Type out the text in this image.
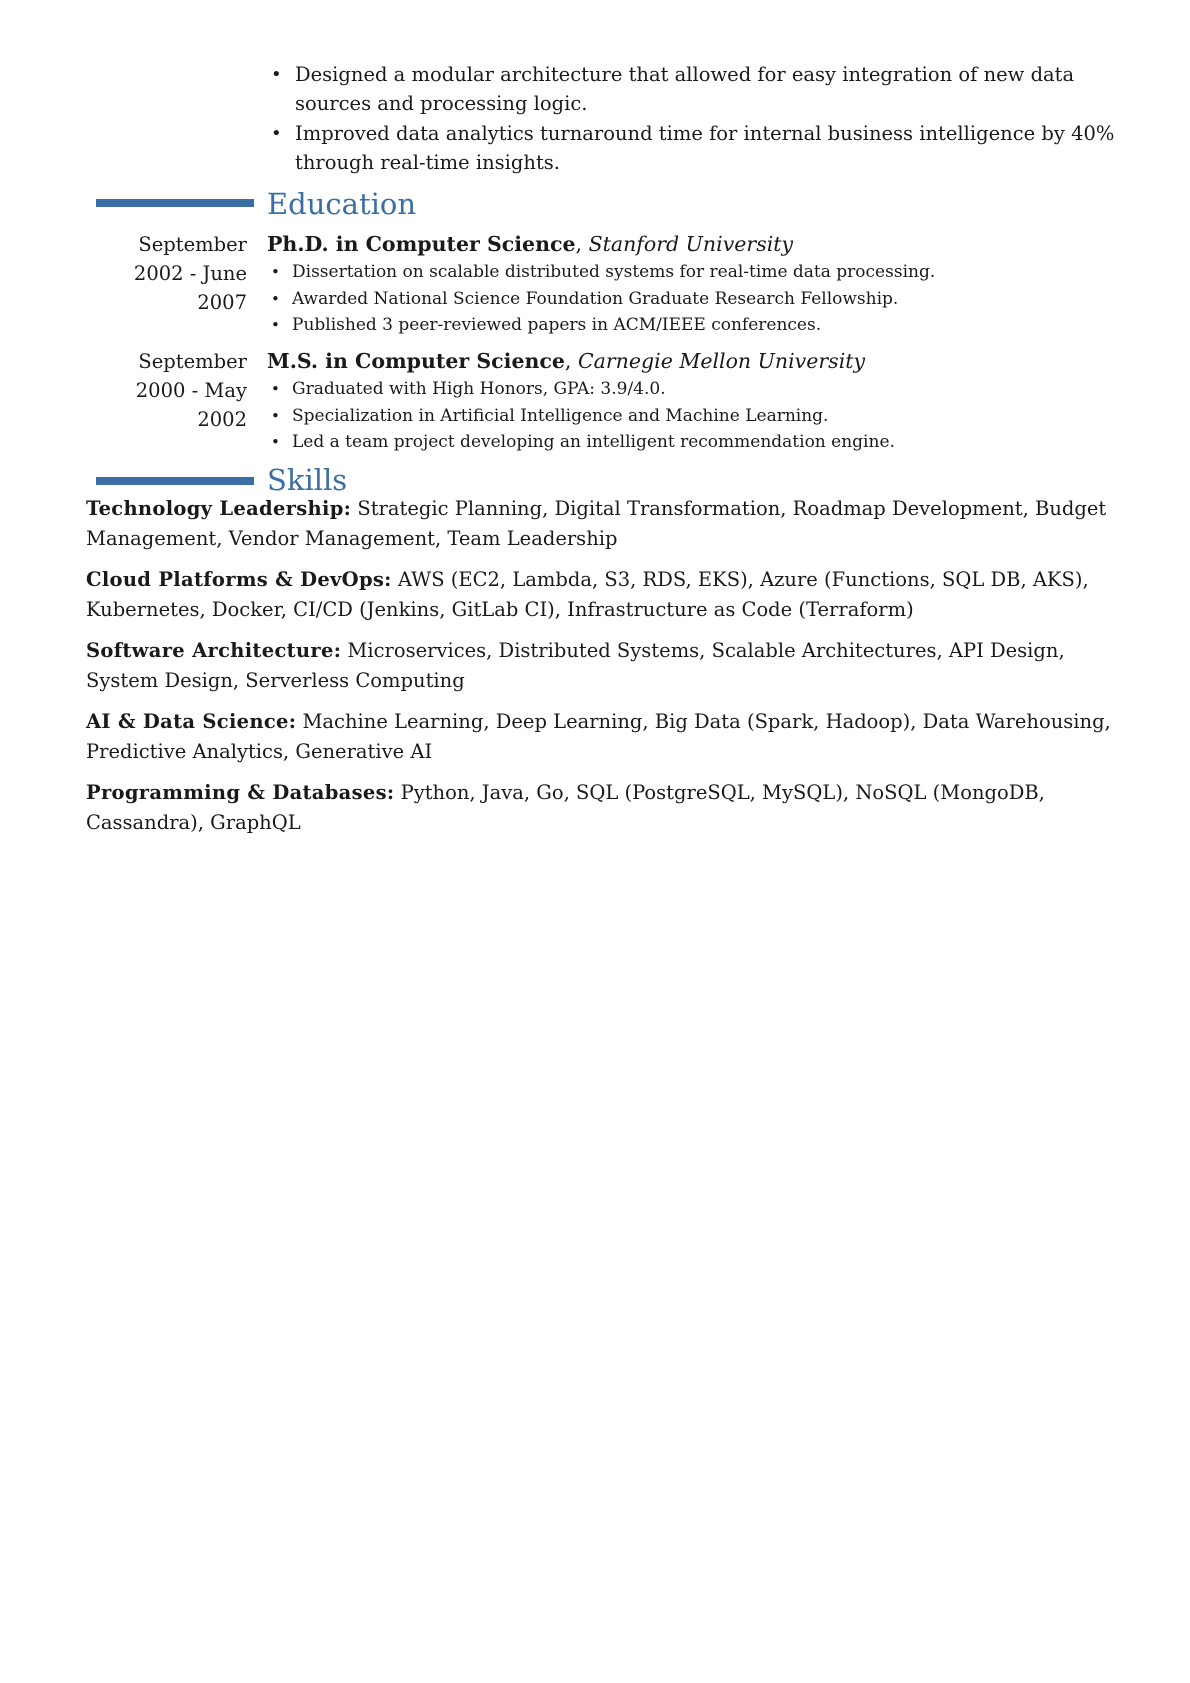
• Designed a modular architecture that allowed for easy integration of new data sources and processing logic.
• Improved data analytics turnaround time for internal business intelligence by 40% through real-time insights.
Education
September 2002 - June 2007
Ph.D. in Computer Science, Stanford University
• Dissertation on scalable distributed systems for real-time data processing.
• Awarded National Science Foundation Graduate Research Fellowship.
• Published 3 peer-reviewed papers in ACM/IEEE conferences.
September 2000 - May 2002
M.S. in Computer Science, Carnegie Mellon University
• Graduated with High Honors, GPA: 3.9/4.0.
• Specialization in Artificial Intelligence and Machine Learning.
• Led a team project developing an intelligent recommendation engine.
Skills

Technology Leadership: Strategic Planning, Digital Transformation, Roadmap Development, Budget Management, Vendor Management, Team Leadership

Cloud Platforms & DevOps: AWS (EC2, Lambda, S3, RDS, EKS), Azure (Functions, SQL DB, AKS), Kubernetes, Docker, CI/CD (Jenkins, GitLab CI), Infrastructure as Code (Terraform)

Software Architecture: Microservices, Distributed Systems, Scalable Architectures, API Design, System Design, Serverless Computing

AI & Data Science: Machine Learning, Deep Learning, Big Data (Spark, Hadoop), Data Warehousing, Predictive Analytics, Generative AI

Programming & Databases: Python, Java, Go, SQL (PostgreSQL, MySQL), NoSQL (MongoDB, Cassandra), GraphQL
